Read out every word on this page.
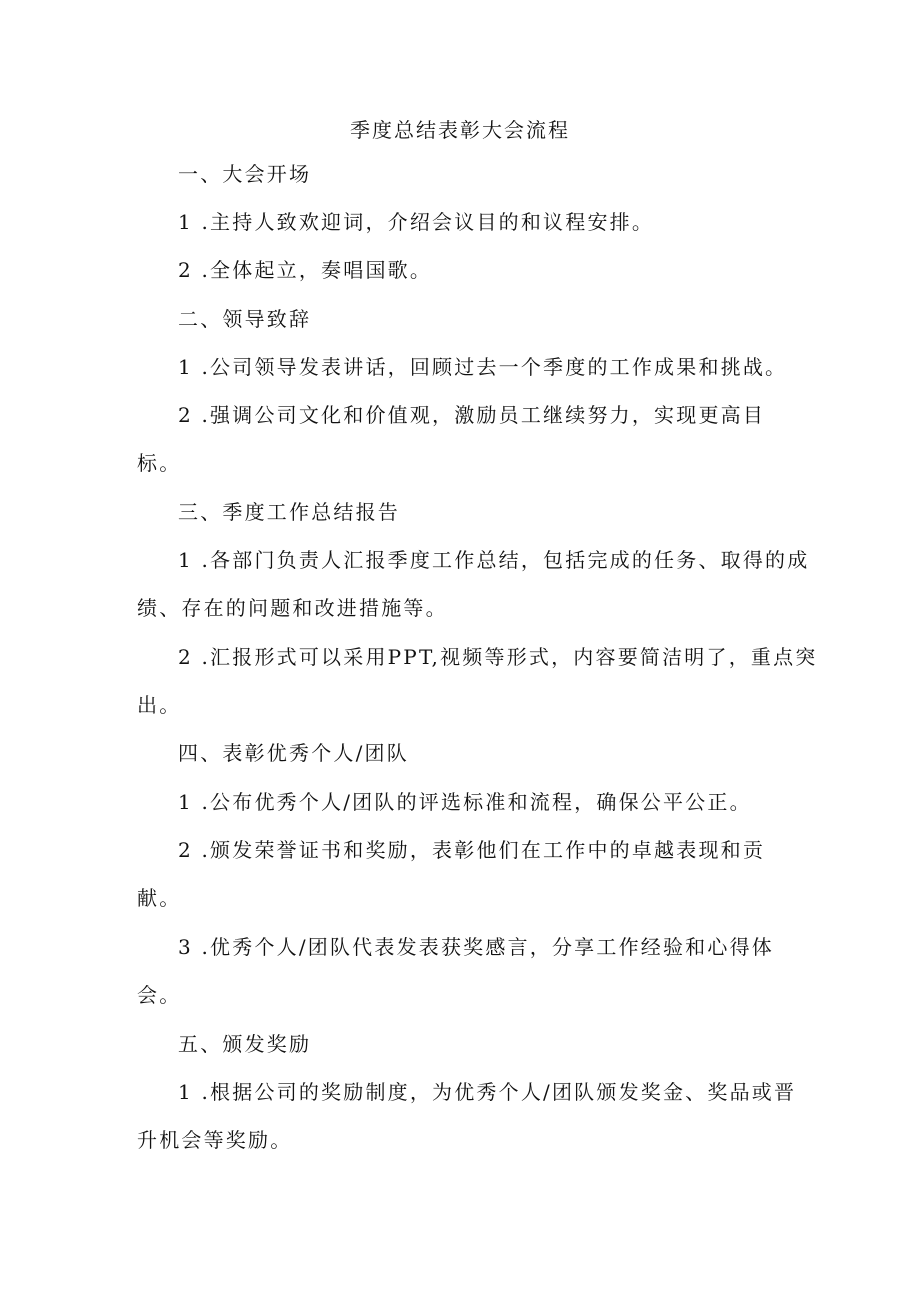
季度总结表彰大会流程
一、大会开场
1 .主持人致欢迎词，介绍会议目的和议程安排。
2 .全体起立，奏唱国歌。
二、领导致辞
1 .公司领导发表讲话，回顾过去一个季度的工作成果和挑战。
2 .强调公司文化和价值观，激励员工继续努力，实现更高目
标。
三、季度工作总结报告
1 .各部门负责人汇报季度工作总结，包括完成的任务、取得的成
绩、存在的问题和改进措施等。
2 .汇报形式可以采用PPT,视频等形式，内容要简洁明了，重点突
出。
四、表彰优秀个人/团队
1 .公布优秀个人/团队的评选标准和流程，确保公平公正。
2 .颁发荣誉证书和奖励，表彰他们在工作中的卓越表现和贡
献。
3 .优秀个人/团队代表发表获奖感言，分享工作经验和心得体
会。
五、颁发奖励
1 .根据公司的奖励制度，为优秀个人/团队颁发奖金、奖品或晋
升机会等奖励。
